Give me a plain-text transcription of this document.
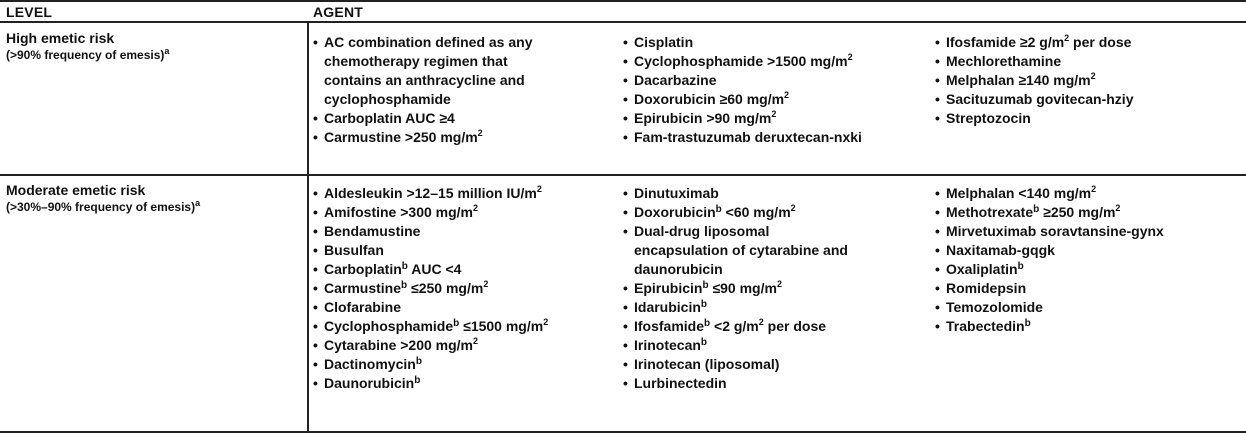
LEVEL	AGENT
High emetic risk
(>90% frequency of emesis)$^a$
• AC combination defined as any
chemotherapy regimen that
contains an anthracycline and
cyclophosphamide
• Carboplatin AUC ≥4
• Carmustine >250 $mg/m^2$
• Cisplatin
• Cyclophosphamide >1500 $mg/m^2$
• Dacarbazine
• Doxorubicin ≥60 $mg/m^2$
• Epirubicin >90 $mg/m^2$
• Fam-trastuzumab deruxtecan-nxki
• Ifosfamide ≥2 $g/m^2$ per dose
• Mechlorethamine
• Melphalan ≥140 $mg/m^2$
• Sacituzumab govitecan-hziy
• Streptozocin
Moderate emetic risk
(>30%–90% frequency of emesis)$^a$
• Aldesleukin >12–15 million $IU/m^2$
• Amifostine >300 $mg/m^2$
• Bendamustine
• Busulfan
• Carboplatin$^b$ AUC <4
• Carmustine$^b$ ≤250 $mg/m^2$
• Clofarabine
• Cyclophosphamide$^b$ ≤1500 $mg/m^2$
• Cytarabine >200 $mg/m^2$
• Dactinomycin$^b$
• Daunorubicin$^b$
• Dinutuximab
• Doxorubicin$^b$ <60 $mg/m^2$
• Dual-drug liposomal
encapsulation of cytarabine and
daunorubicin
• Epirubicin$^b$ ≤90 $mg/m^2$
• Idarubicin$^b$
• Ifosfamide$^b$ <2 $g/m^2$ per dose
• Irinotecan$^b$
• Irinotecan (liposomal)
• Lurbinectedin
• Melphalan <140 $mg/m^2$
• Methotrexate$^b$ ≥250 $mg/m^2$
• Mirvetuximab soravtansine-gynx
• Naxitamab-gqgk
• Oxaliplatin$^b$
• Romidepsin
• Temozolomide
• Trabectedin$^b$
